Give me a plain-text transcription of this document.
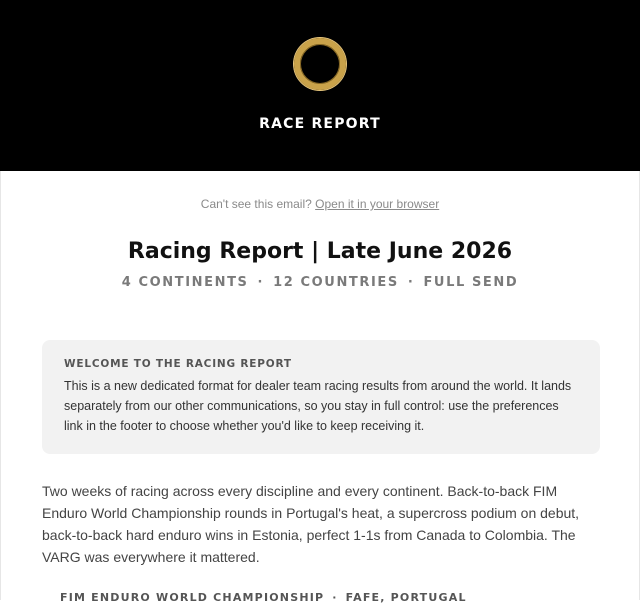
RACE REPORT
Can't see this email? Open it in your browser
Racing Report | Late June 2026
4 CONTINENTS · 12 COUNTRIES · FULL SEND
WELCOME TO THE RACING REPORT
This is a new dedicated format for dealer team racing results from around the world. It lands separately from our other communications, so you stay in full control: use the preferences link in the footer to choose whether you'd like to keep receiving it.
Two weeks of racing across every discipline and every continent. Back-to-back FIM Enduro World Championship rounds in Portugal's heat, a supercross podium on debut, back-to-back hard enduro wins in Estonia, perfect 1-1s from Canada to Colombia. The VARG was everywhere it mattered.
FIM ENDURO WORLD CHAMPIONSHIP · FAFE, PORTUGAL
